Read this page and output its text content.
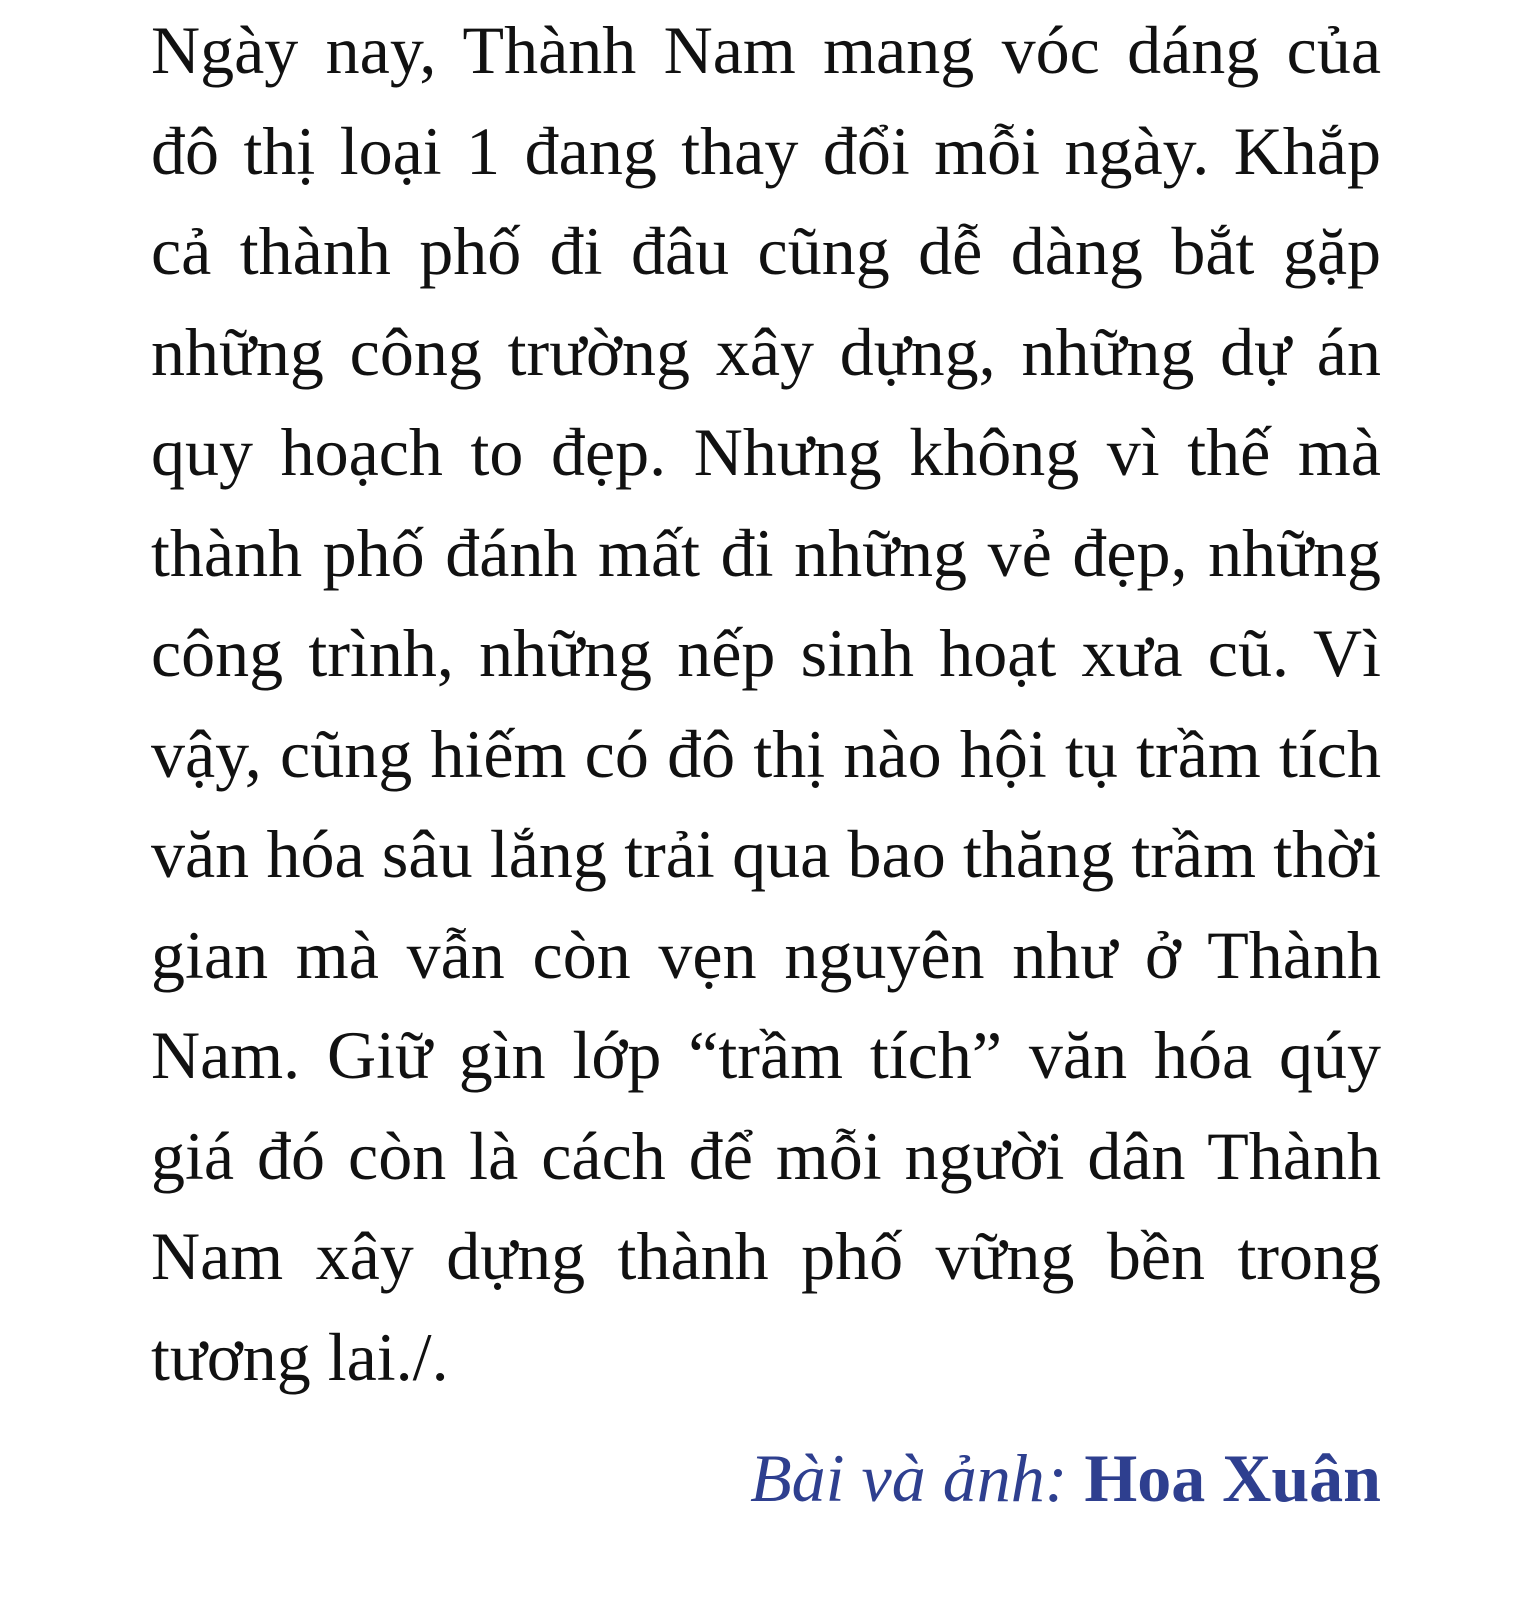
Ngày nay, Thành Nam mang vóc dáng của đô thị loại 1 đang thay đổi mỗi ngày. Khắp cả thành phố đi đâu cũng dễ dàng bắt gặp những công trường xây dựng, những dự án quy hoạch to đẹp. Nhưng không vì thế mà thành phố đánh mất đi những vẻ đẹp, những công trình, những nếp sinh hoạt xưa cũ. Vì vậy, cũng hiếm có đô thị nào hội tụ trầm tích văn hóa sâu lắng trải qua bao thăng trầm thời gian mà vẫn còn vẹn nguyên như ở Thành Nam. Giữ gìn lớp “trầm tích” văn hóa qúy giá đó còn là cách để mỗi người dân Thành Nam xây dựng thành phố vững bền trong tương lai./.

Bài và ảnh: Hoa Xuân
